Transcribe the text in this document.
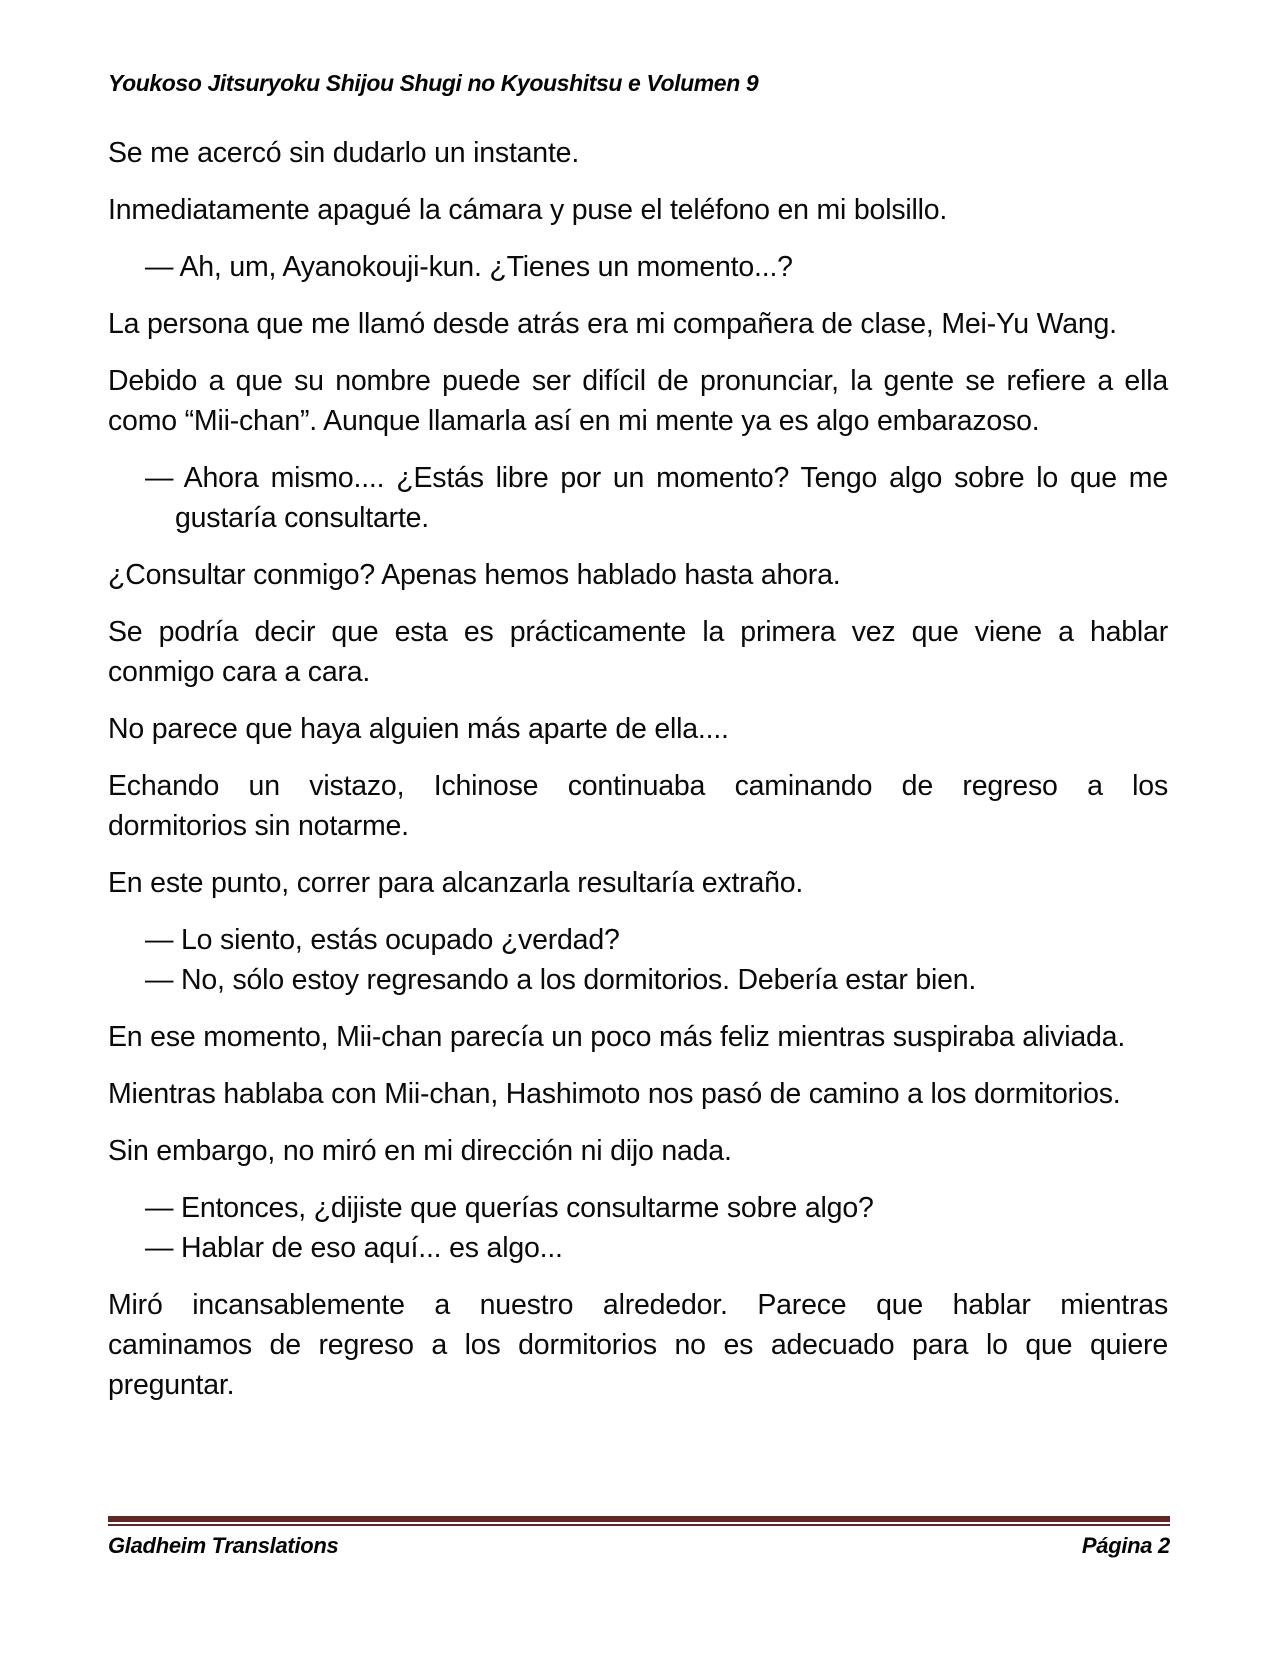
Youkoso Jitsuryoku Shijou Shugi no Kyoushitsu e Volumen 9
Se me acercó sin dudarlo un instante.
Inmediatamente apagué la cámara y puse el teléfono en mi bolsillo.
— Ah, um, Ayanokouji-kun. ¿Tienes un momento...?
La persona que me llamó desde atrás era mi compañera de clase, Mei-Yu Wang.
Debido a que su nombre puede ser difícil de pronunciar, la gente se refiere a ella
como “Mii-chan”. Aunque llamarla así en mi mente ya es algo embarazoso.
— Ahora mismo.... ¿Estás libre por un momento? Tengo algo sobre lo que me
gustaría consultarte.
¿Consultar conmigo? Apenas hemos hablado hasta ahora.
Se podría decir que esta es prácticamente la primera vez que viene a hablar
conmigo cara a cara.
No parece que haya alguien más aparte de ella....
Echando un vistazo, Ichinose continuaba caminando de regreso a los
dormitorios sin notarme.
En este punto, correr para alcanzarla resultaría extraño.
— Lo siento, estás ocupado ¿verdad?
— No, sólo estoy regresando a los dormitorios. Debería estar bien.
En ese momento, Mii-chan parecía un poco más feliz mientras suspiraba aliviada.
Mientras hablaba con Mii-chan, Hashimoto nos pasó de camino a los dormitorios.
Sin embargo, no miró en mi dirección ni dijo nada.
— Entonces, ¿dijiste que querías consultarme sobre algo?
— Hablar de eso aquí... es algo...
Miró incansablemente a nuestro alrededor. Parece que hablar mientras
caminamos de regreso a los dormitorios no es adecuado para lo que quiere
preguntar.
Gladheim Translations	Página 2
